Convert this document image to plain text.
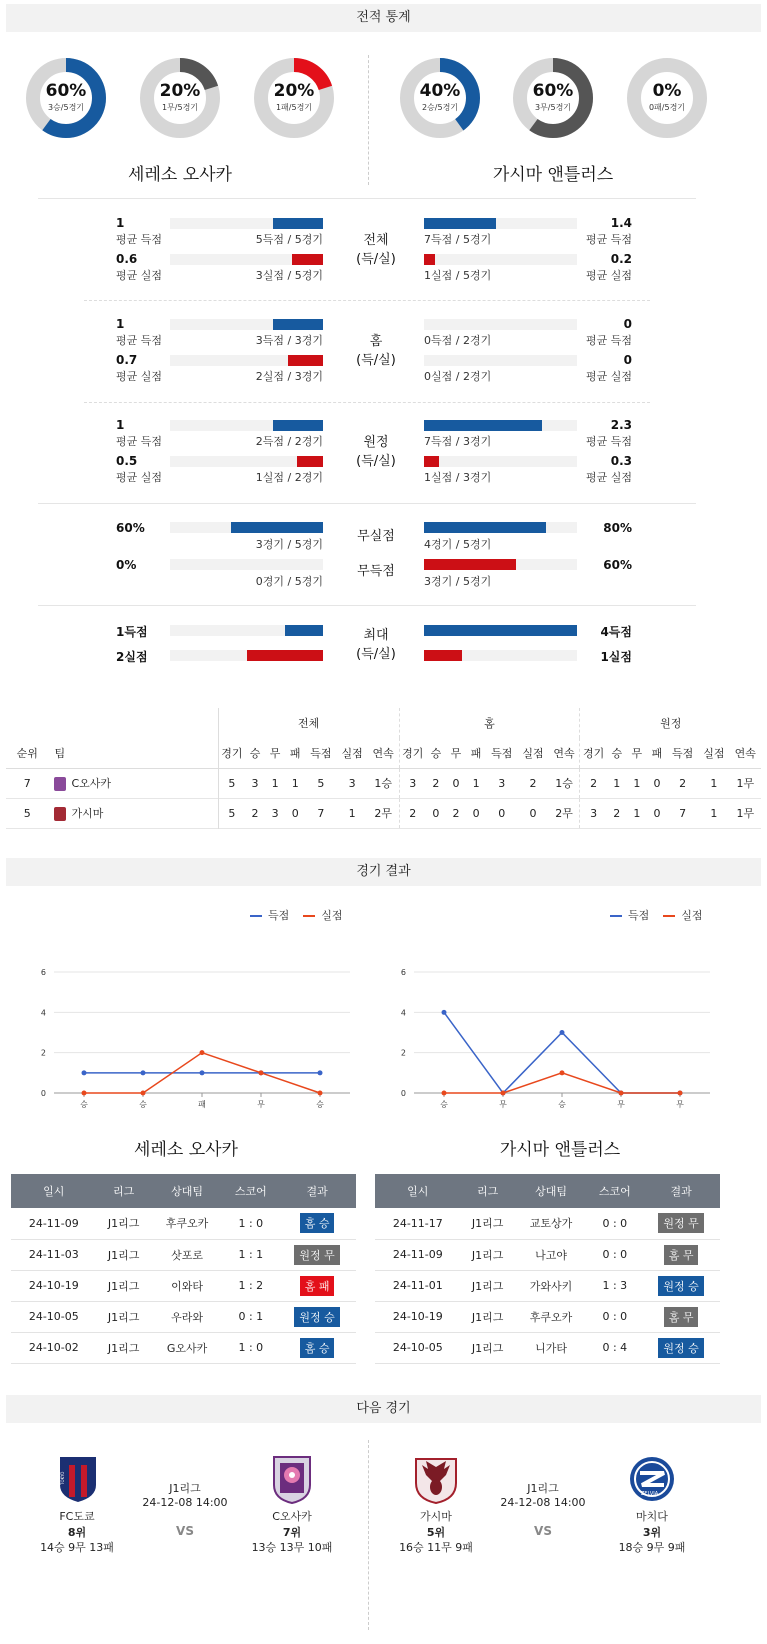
전적 통계
60%
3승/5경기
20%
1무/5경기
20%
1패/5경기
40%
2승/5경기
60%
3무/5경기
0%
0패/5경기
세레소 오사카	가시마 앤틀러스
1
평균 득점	5득점 / 5경기
1.4
평균 득점
7득점 / 5경기
0.6
평균 실점	3실점 / 5경기
0.2
평균 실점
1실점 / 5경기
전체
(득/실)
1
평균 득점	3득점 / 3경기
0
평균 득점
0득점 / 2경기
0.7
평균 실점	2실점 / 3경기
0
평균 실점
0실점 / 2경기
홈
(득/실)
1
평균 득점	2득점 / 2경기
2.3
평균 득점
7득점 / 3경기
0.5
평균 실점	1실점 / 2경기
0.3
평균 실점
1실점 / 3경기
원정
(득/실)
60%
3경기 / 5경기
80%
4경기 / 5경기
0%
0경기 / 5경기
60%
3경기 / 5경기
무실점
무득점
1득점	4득점
2실점	1실점
최대
(득/실)
		전체							홈							원정						
순위	팀	경기	승	무	패	득점	실점	연속	경기	승	무	패	득점	실점	연속	경기	승	무	패	득점	실점	연속
7	C오사카	5	3	1	1	5	3	1승	3	2	0	1	3	2	1승	2	1	1	0	2	1	1무
5	가시마	5	2	3	0	7	1	2무	2	0	2	0	0	0	2무	3	2	1	0	7	1	1무
경기 결과
득점	실점
0
2
4
6
승	승	패	무	승
득점	실점
0
2
4
6
승	무	승	무	무
세레소 오사카	가시마 앤틀러스
일시	리그	상대팀	스코어	결과
24-11-09	J1리그	후쿠오카	1 : 0	홈 승
24-11-03	J1리그	삿포로	1 : 1	원정 무
24-10-19	J1리그	이와타	1 : 2	홈 패
24-10-05	J1리그	우라와	0 : 1	원정 승
24-10-02	J1리그	G오사카	1 : 0	홈 승
일시	리그	상대팀	스코어	결과
24-11-17	J1리그	교토상가	0 : 0	원정 무
24-11-09	J1리그	나고야	0 : 0	홈 무
24-11-01	J1리그	가와사키	1 : 3	원정 승
24-10-19	J1리그	후쿠오카	0 : 0	홈 무
24-10-05	J1리그	니가타	0 : 4	원정 승
다음 경기
TOKYO
ZELVIA
FC도쿄
8위
14승 9무 13패
J1리그
24-12-08 14:00
VS
C오사카
7위
13승 13무 10패
가시마
5위
16승 11무 9패
J1리그
24-12-08 14:00
VS
마치다
3위
18승 9무 9패
